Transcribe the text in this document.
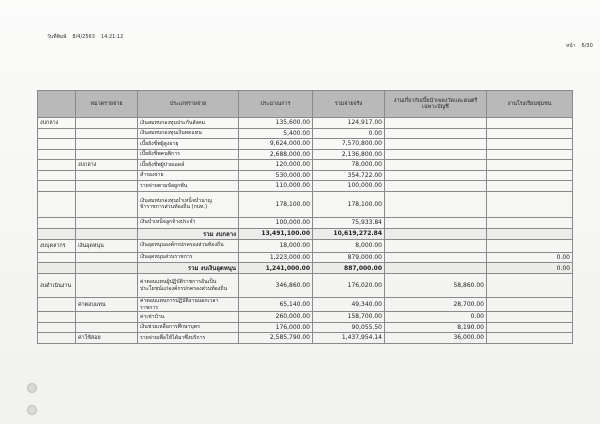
วันที่พิมพ์ 8/4/2563 14:21:12
หน้า 6/30
	หมวดรายจ่าย	ประเภทรายจ่าย	ประมาณการ	รวมจ่ายจริง	งานเกี่ยวกับเบี้ยนำเพลงวัดและดนตรีเฉพาะบัญชี	งานโรงเรียนชุมชน
งบกลาง		เงินสมทบกองทุนประกันสังคม	135,600.00	124,917.00		
		เงินสมทบกองทุนเงินทดแทน	5,400.00	0.00		
		เบี้ยยังชีพผู้สูงอายุ	9,624,000.00	7,570,800.00		
		เบี้ยยังชีพคนพิการ	2,688,000.00	2,136,800.00		
	งบกลาง	เบี้ยยังชีพผู้ป่วยเอดส์	120,000.00	78,000.00		
		สำรองจ่าย	530,000.00	354,722.00		
		รายจ่ายตามข้อผูกพัน	110,000.00	100,000.00		
		เงินสมทบกองทุนบำเหน็จบำนาญข้าราชการส่วนท้องถิ่น (กบท.)	178,100.00	178,100.00		
		เงินบำเหน็จลูกจ้างประจำ	100,000.00	75,933.84		
		รวม งบกลาง	13,491,100.00	10,619,272.84		
งบบุคลากร	เงินอุดหนุน	เงินอุดหนุนองค์กรปกครองส่วนท้องถิ่น	18,000.00	8,000.00		
		เงินอุดหนุนส่วนราชการ	1,223,000.00	879,000.00		0.00
		รวม งบเงินอุดหนุน	1,241,000.00	887,000.00		0.00
งบดำเนินงาน		ค่าตอบแทนผู้ปฏิบัติราชการอันเป็นประโยชน์แก่องค์กรปกครองส่วนท้องถิ่น	346,860.00	176,020.00	58,860.00	
	ค่าตอบแทน	ค่าตอบแทนการปฏิบัติงานนอกเวลาราชการ	65,140.00	49,340.00	28,700.00	
		ค่าเช่าบ้าน	260,000.00	158,700.00	0.00	
		เงินช่วยเหลือการศึกษาบุตร	176,000.00	90,055.50	8,190.00	
	ค่าใช้สอย	รายจ่ายเพื่อให้ได้มาซึ่งบริการ	2,585,790.00	1,437,954.14	36,000.00	
